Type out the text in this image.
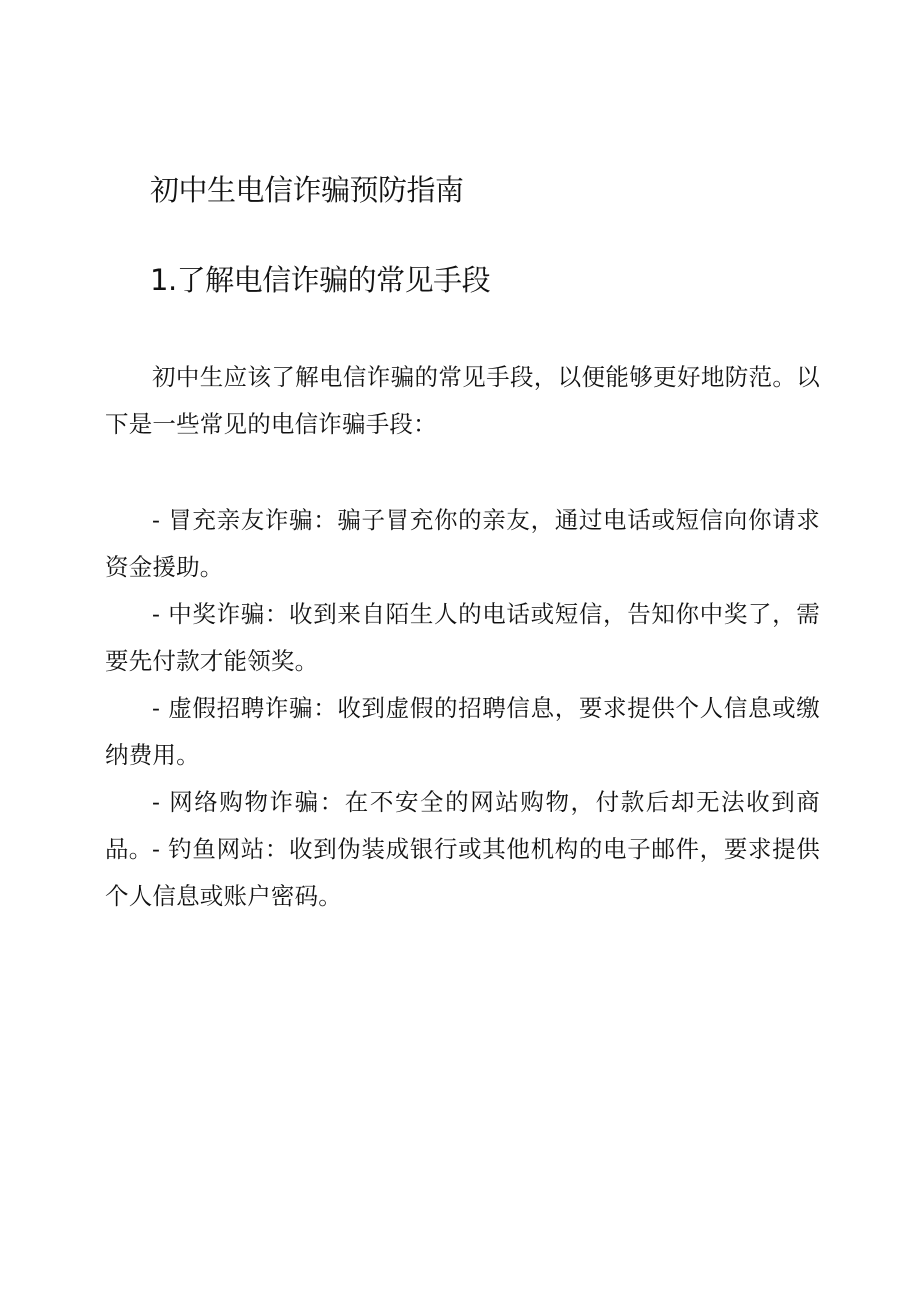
初中生电信诈骗预防指南
1.了解电信诈骗的常见手段

初中生应该了解电信诈骗的常见手段，以便能够更好地防范。以下是一些常见的电信诈骗手段：

- 冒充亲友诈骗：骗子冒充你的亲友，通过电话或短信向你请求资金援助。

- 中奖诈骗：收到来自陌生人的电话或短信，告知你中奖了，需要先付款才能领奖。

- 虚假招聘诈骗：收到虚假的招聘信息，要求提供个人信息或缴纳费用。

- 网络购物诈骗：在不安全的网站购物，付款后却无法收到商品。 - 钓鱼网站：收到伪装成银行或其他机构的电子邮件，要求提供个人信息或账户密码。
